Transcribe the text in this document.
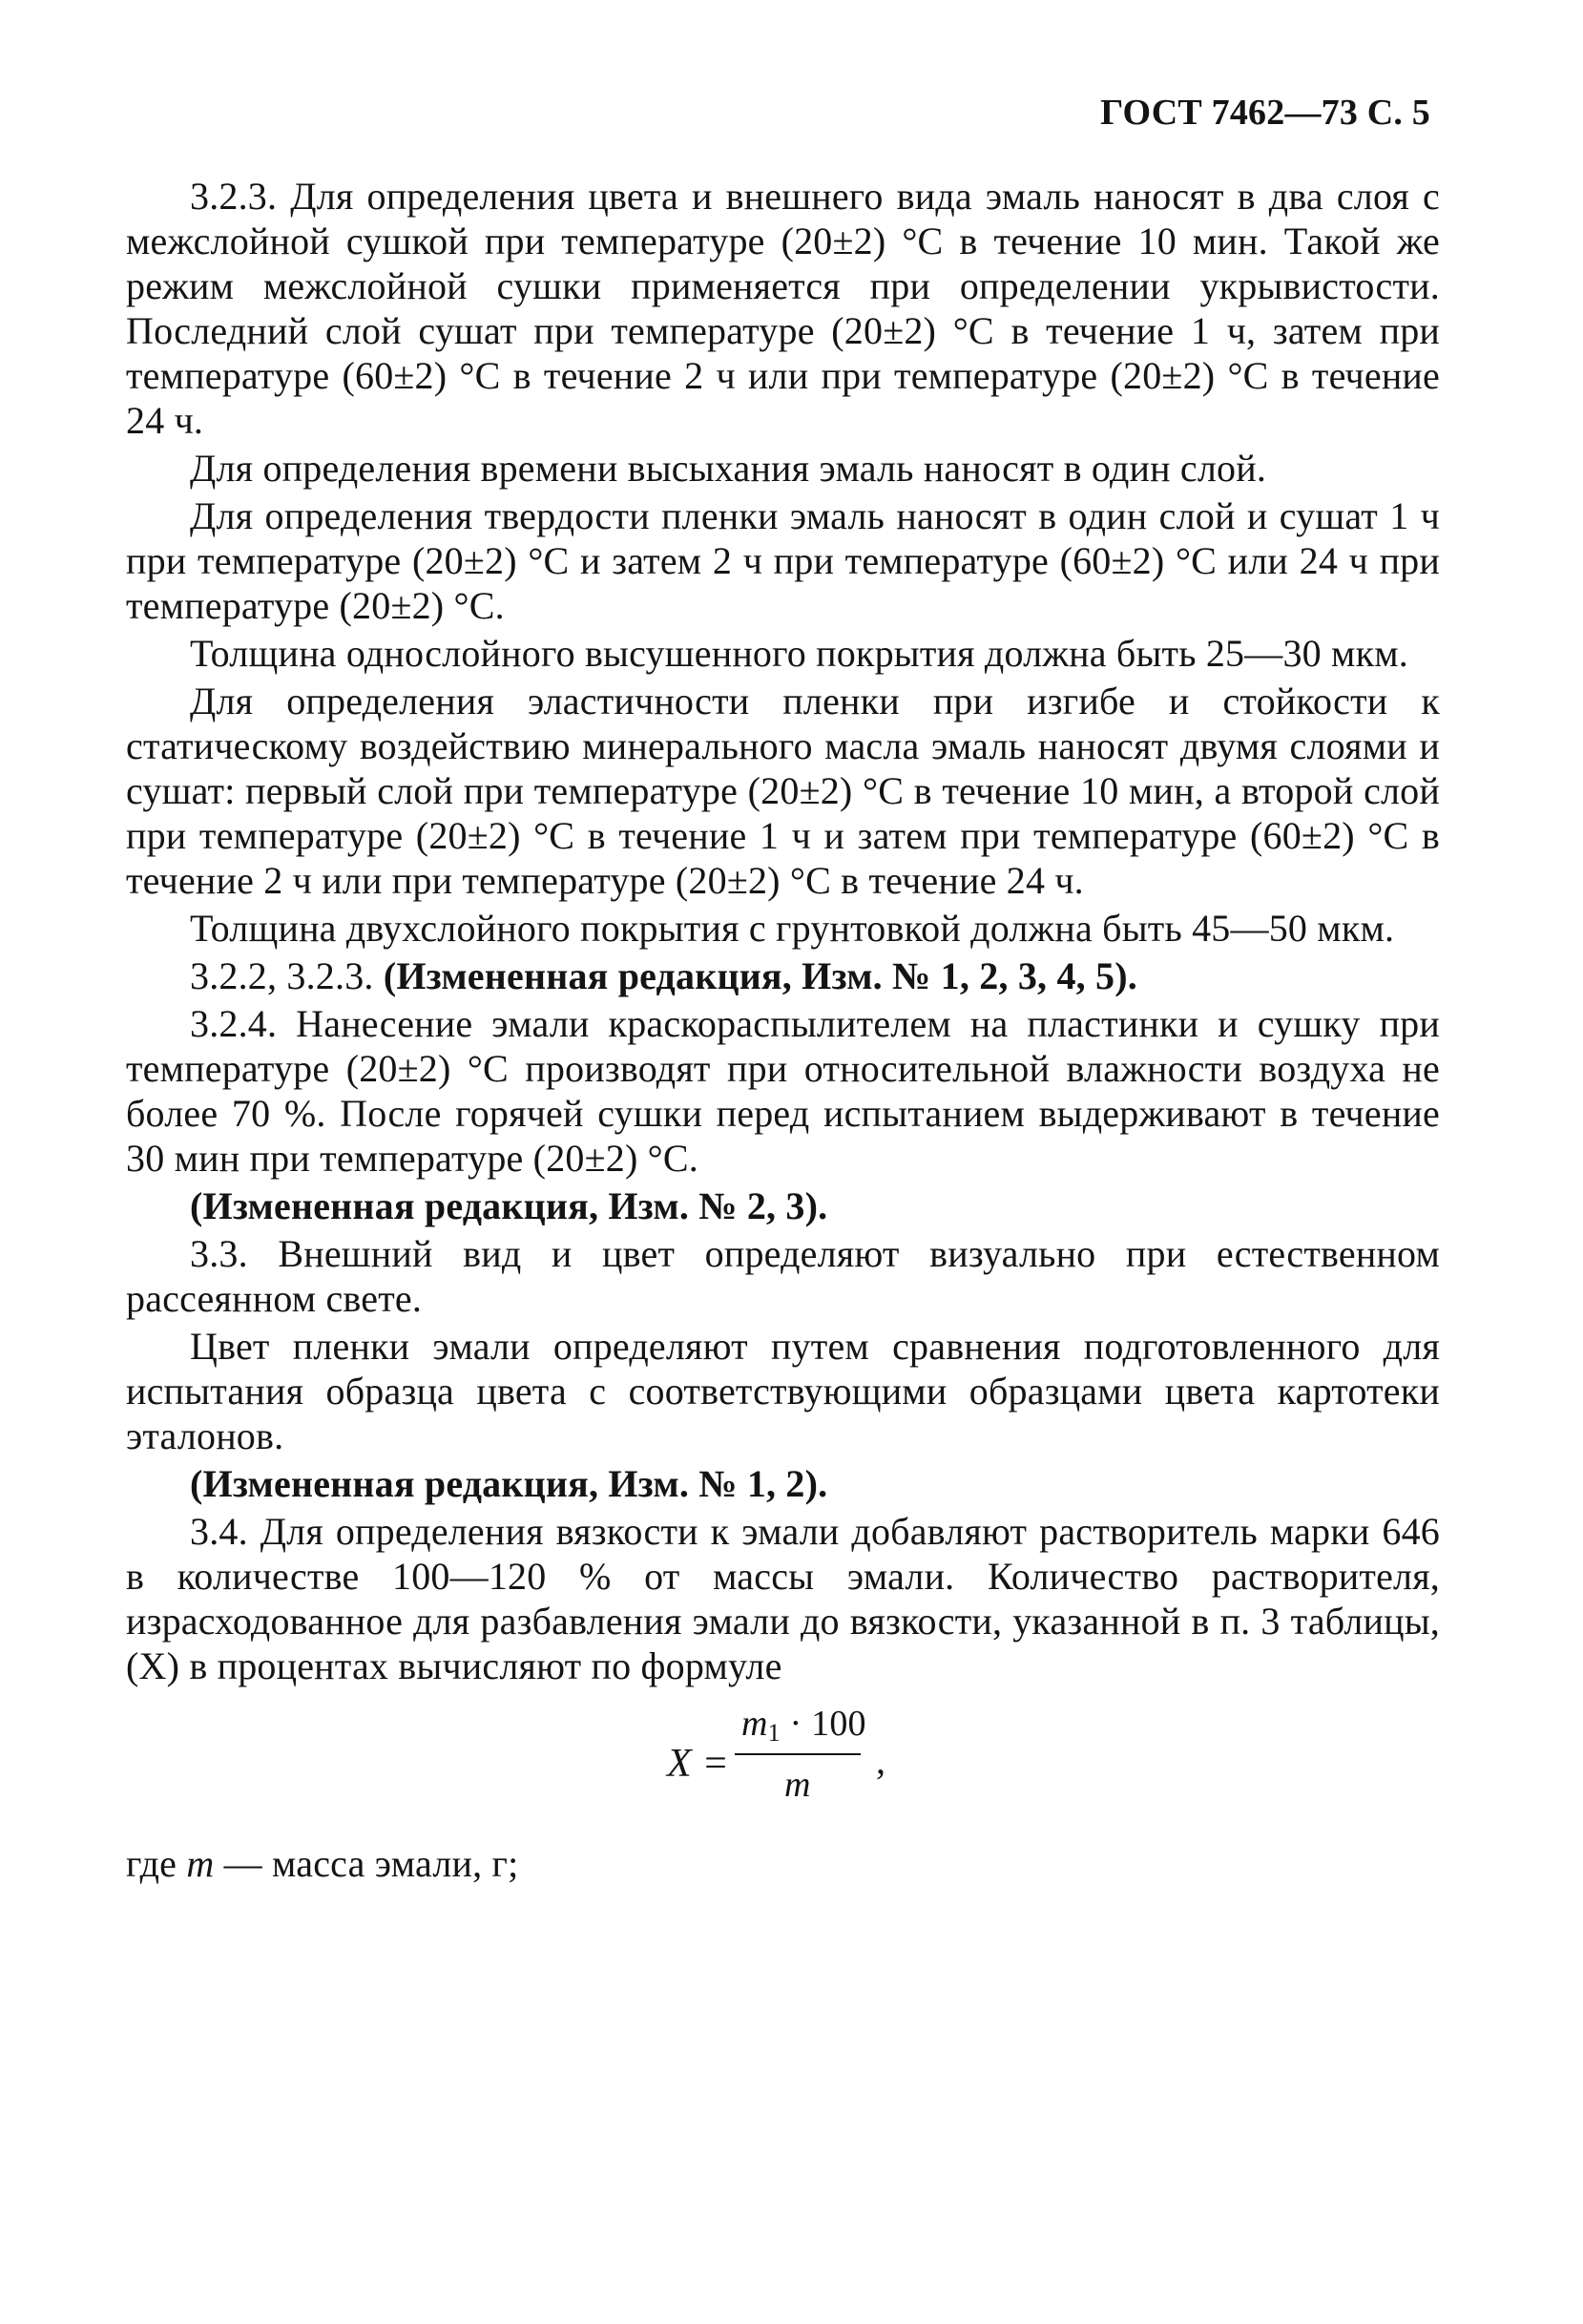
ГОСТ 7462—73 С. 5

3.2.3. Для определения цвета и внешнего вида эмаль наносят в два слоя с межслойной сушкой при температуре (20±2) °С в течение 10 мин. Такой же режим межслойной сушки применяется при определении укрывистости. Последний слой сушат при температуре (20±2) °С в течение 1 ч, затем при температуре (60±2) °С в течение 2 ч или при температуре (20±2) °С в течение 24 ч.

Для определения времени высыхания эмаль наносят в один слой.

Для определения твердости пленки эмаль наносят в один слой и сушат 1 ч при температуре (20±2) °С и затем 2 ч при температуре (60±2) °С или 24 ч при температуре (20±2) °С.

Толщина однослойного высушенного покрытия должна быть 25—30 мкм.

Для определения эластичности пленки при изгибе и стойкости к статическому воздействию минерального масла эмаль наносят двумя слоями и сушат: первый слой при температуре (20±2) °С в течение 10 мин, а второй слой при температуре (20±2) °С в течение 1 ч и затем при температуре (60±2) °С в течение 2 ч или при температуре (20±2) °С в течение 24 ч.

Толщина двухслойного покрытия с грунтовкой должна быть 45—50 мкм.

3.2.2, 3.2.3. (Измененная редакция, Изм. № 1, 2, 3, 4, 5).

3.2.4. Нанесение эмали краскораспылителем на пластинки и сушку при температуре (20±2) °С производят при относительной влажности воздуха не более 70 %. После горячей сушки перед испытанием выдерживают в течение 30 мин при температуре (20±2) °С.

(Измененная редакция, Изм. № 2, 3).

3.3. Внешний вид и цвет определяют визуально при естественном рассеянном свете.

Цвет пленки эмали определяют путем сравнения подготовленного для испытания образца цвета с соответствующими образцами цвета картотеки эталонов.

(Измененная редакция, Изм. № 1, 2).

3.4. Для определения вязкости к эмали добавляют растворитель марки 646 в количестве 100—120 % от массы эмали. Количество растворителя, израсходованное для разбавления эмали до вязкости, указанной в п. 3 таблицы, (X) в процентах вычисляют по формуле

X =
$m_1 \cdot 100$
m
,

где m — масса эмали, г;
